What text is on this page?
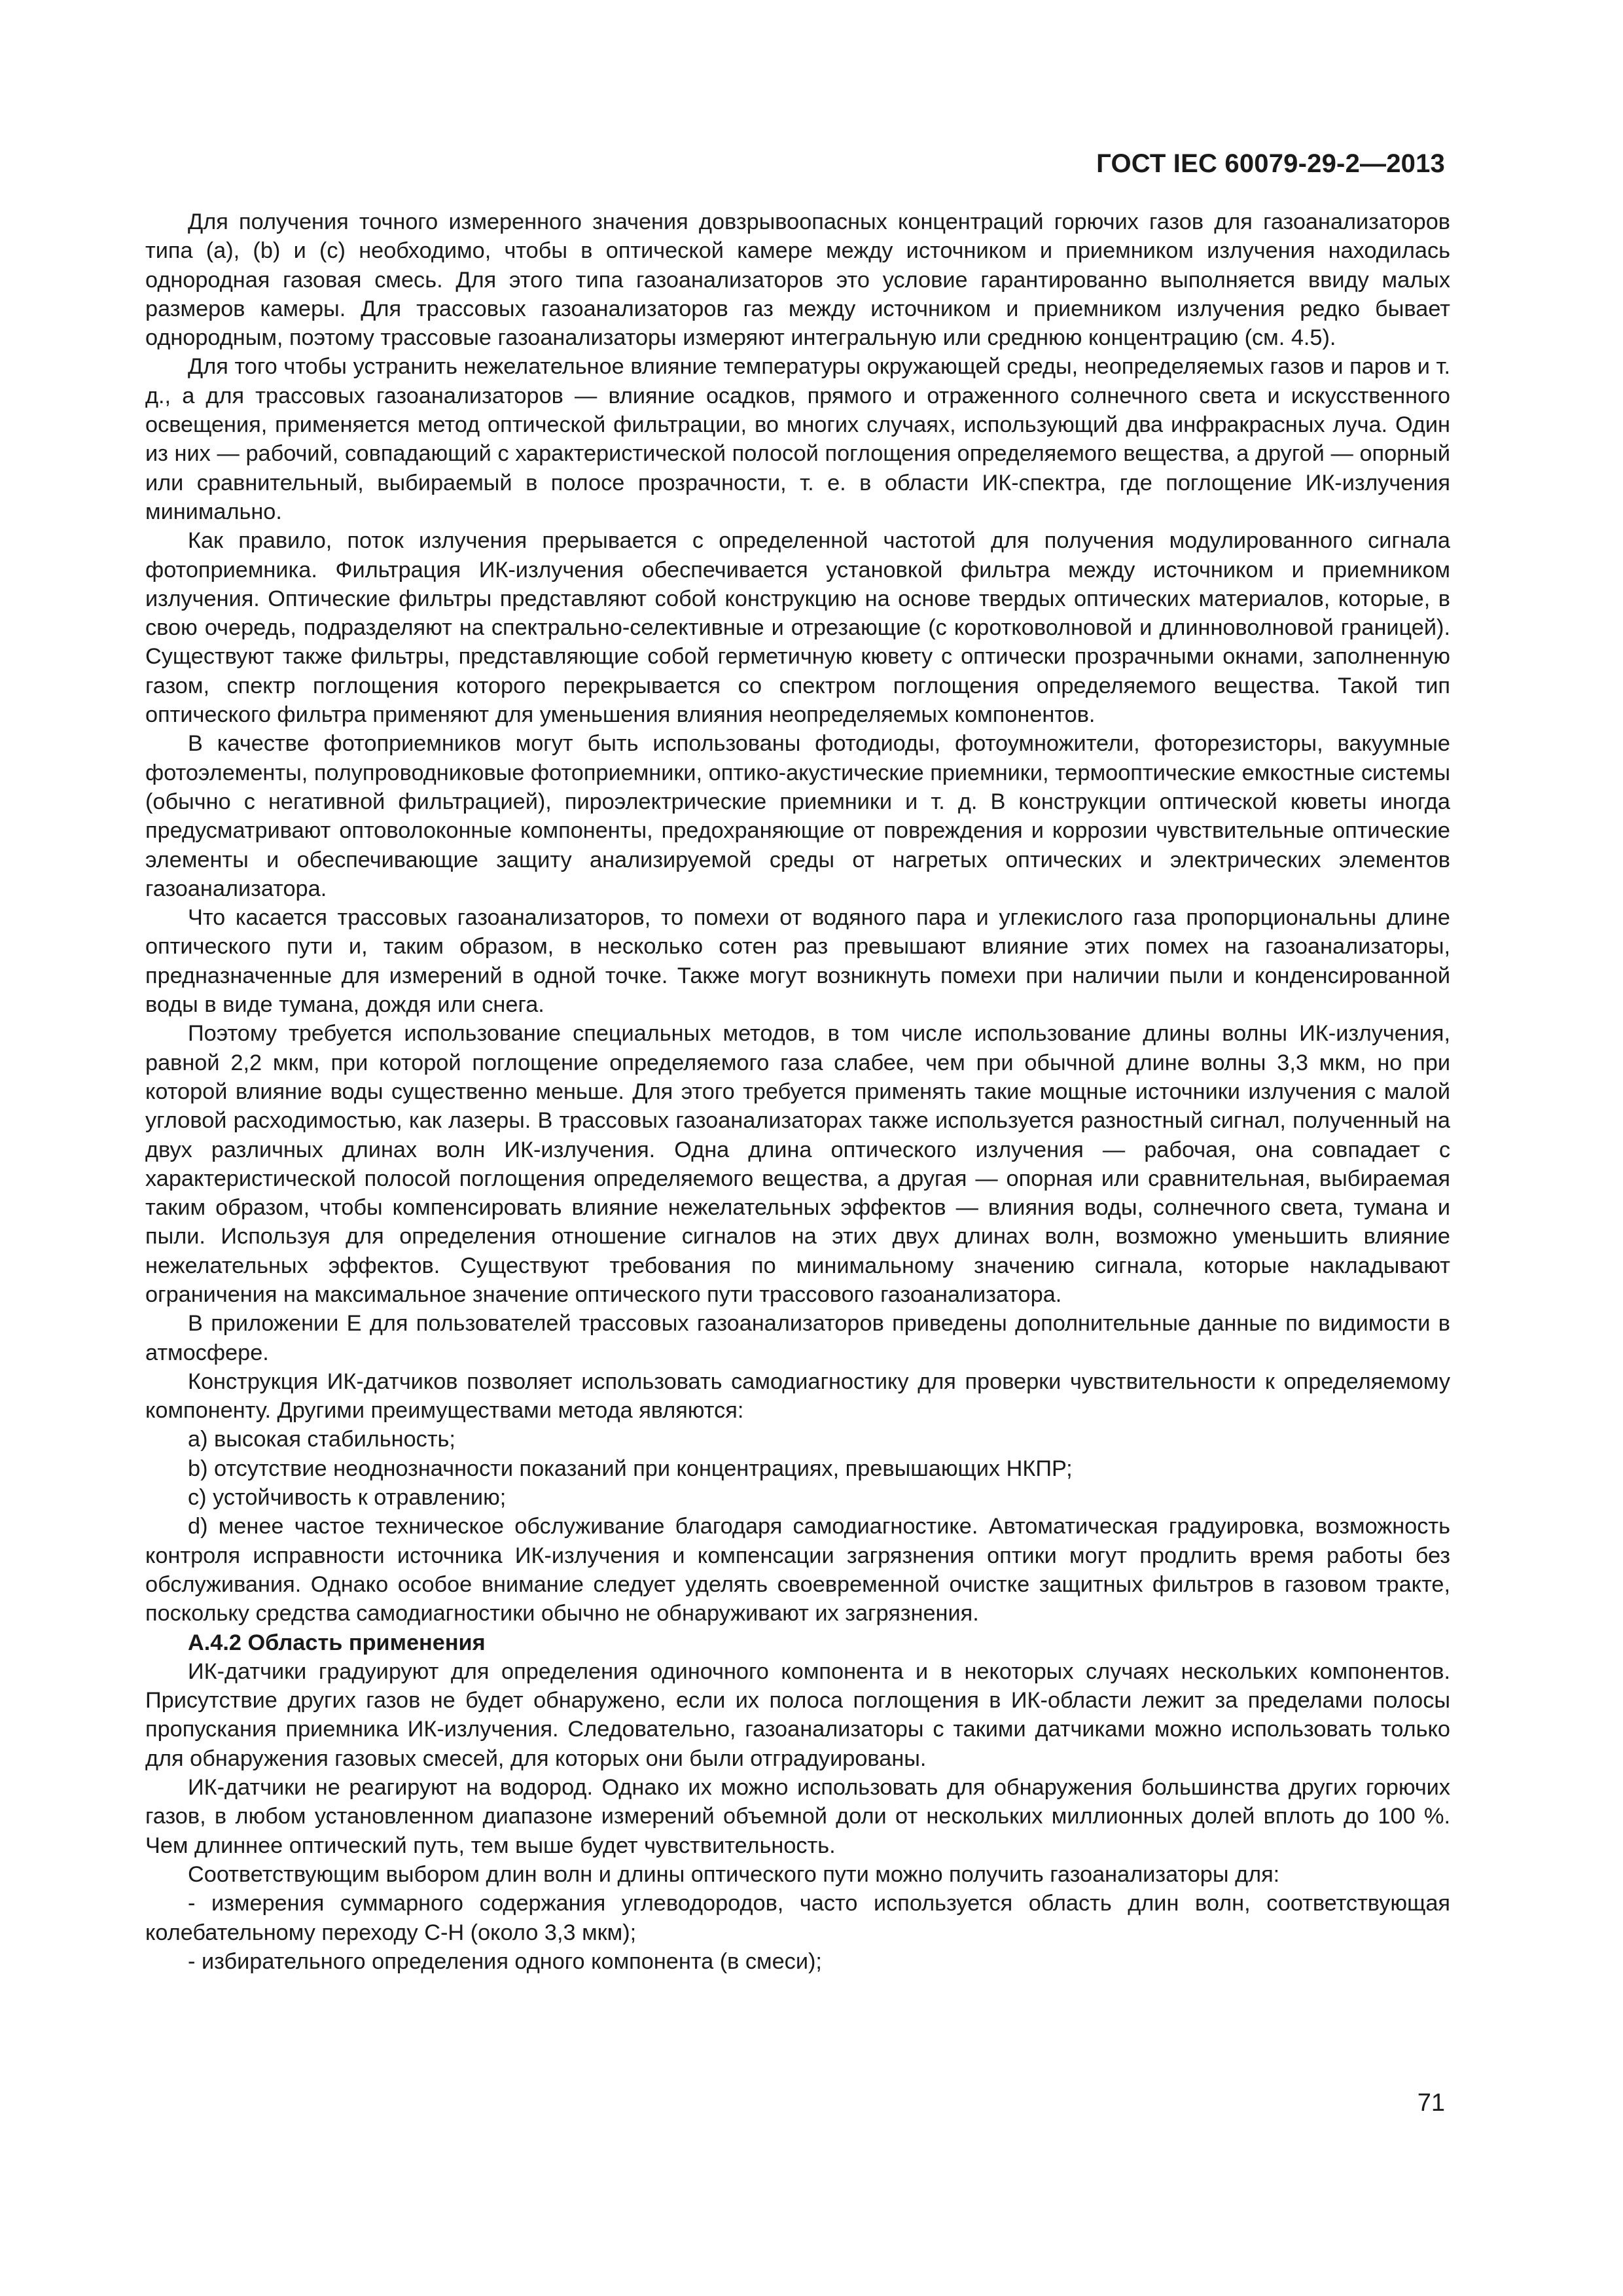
ГОСТ IEC 60079-29-2—2013

Для получения точного измеренного значения довзрывоопасных концентраций горючих газов для газоанализаторов типа (а), (b) и (с) необходимо, чтобы в оптической камере между источником и приемником излучения находилась однородная газовая смесь. Для этого типа газоанализаторов это условие гарантированно выполняется ввиду малых размеров камеры. Для трассовых газоанализаторов газ между источником и приемником излучения редко бывает однородным, поэтому трассовые газоанализаторы измеряют интегральную или среднюю концентрацию (см. 4.5).

Для того чтобы устранить нежелательное влияние температуры окружающей среды, неопределяемых газов и паров и т. д., а для трассовых газоанализаторов — влияние осадков, прямого и отраженного солнечного света и искусственного освещения, применяется метод оптической фильтрации, во многих случаях, использующий два инфракрасных луча. Один из них — рабочий, совпадающий с характеристической полосой поглощения определяемого вещества, а другой — опорный или сравнительный, выбираемый в полосе прозрачности, т. е. в области ИК-спектра, где поглощение ИК-излучения минимально.

Как правило, поток излучения прерывается с определенной частотой для получения модулированного сигнала фотоприемника. Фильтрация ИК-излучения обеспечивается установкой фильтра между источником и приемником излучения. Оптические фильтры представляют собой конструкцию на основе твердых оптических материалов, которые, в свою очередь, подразделяют на спектрально-селективные и отрезающие (с коротковолновой и длинноволновой границей). Существуют также фильтры, представляющие собой герметичную кювету с оптически прозрачными окнами, заполненную газом, спектр поглощения которого перекрывается со спектром поглощения определяемого вещества. Такой тип оптического фильтра применяют для уменьшения влияния неопределяемых компонентов.

В качестве фотоприемников могут быть использованы фотодиоды, фотоумножители, фоторезисторы, вакуумные фотоэлементы, полупроводниковые фотоприемники, оптико-акустические приемники, термооптические емкостные системы (обычно с негативной фильтрацией), пироэлектрические приемники и т. д. В конструкции оптической кюветы иногда предусматривают оптоволоконные компоненты, предохраняющие от повреждения и коррозии чувствительные оптические элементы и обеспечивающие защиту анализируемой среды от нагретых оптических и электрических элементов газоанализатора.

Что касается трассовых газоанализаторов, то помехи от водяного пара и углекислого газа пропорциональны длине оптического пути и, таким образом, в несколько сотен раз превышают влияние этих помех на газоанализаторы, предназначенные для измерений в одной точке. Также могут возникнуть помехи при наличии пыли и конденсированной воды в виде тумана, дождя или снега.

Поэтому требуется использование специальных методов, в том числе использование длины волны ИК-излучения, равной 2,2 мкм, при которой поглощение определяемого газа слабее, чем при обычной длине волны 3,3 мкм, но при которой влияние воды существенно меньше. Для этого требуется применять такие мощные источники излучения с малой угловой расходимостью, как лазеры. В трассовых газоанализаторах также используется разностный сигнал, полученный на двух различных длинах волн ИК-излучения. Одна длина оптического излучения — рабочая, она совпадает с характеристической полосой поглощения определяемого вещества, а другая — опорная или сравнительная, выбираемая таким образом, чтобы компенсировать влияние нежелательных эффектов — влияния воды, солнечного света, тумана и пыли. Используя для определения отношение сигналов на этих двух длинах волн, возможно уменьшить влияние нежелательных эффектов. Существуют требования по минимальному значению сигнала, которые накладывают ограничения на максимальное значение оптического пути трассового газоанализатора.

В приложении Е для пользователей трассовых газоанализаторов приведены дополнительные данные по видимости в атмосфере.

Конструкция ИК-датчиков позволяет использовать самодиагностику для проверки чувствительности к определяемому компоненту. Другими преимуществами метода являются:

a) высокая стабильность;

b) отсутствие неоднозначности показаний при концентрациях, превышающих НКПР;

c) устойчивость к отравлению;

d) менее частое техническое обслуживание благодаря самодиагностике. Автоматическая градуировка, возможность контроля исправности источника ИК-излучения и компенсации загрязнения оптики могут продлить время работы без обслуживания. Однако особое внимание следует уделять своевременной очистке защитных фильтров в газовом тракте, поскольку средства самодиагностики обычно не обнаруживают их загрязнения.

А.4.2 Область применения

ИК-датчики градуируют для определения одиночного компонента и в некоторых случаях нескольких компонентов. Присутствие других газов не будет обнаружено, если их полоса поглощения в ИК-области лежит за пределами полосы пропускания приемника ИК-излучения. Следовательно, газоанализаторы с такими датчиками можно использовать только для обнаружения газовых смесей, для которых они были отградуированы.

ИК-датчики не реагируют на водород. Однако их можно использовать для обнаружения большинства других горючих газов, в любом установленном диапазоне измерений объемной доли от нескольких миллионных долей вплоть до 100 %. Чем длиннее оптический путь, тем выше будет чувствительность.

Соответствующим выбором длин волн и длины оптического пути можно получить газоанализаторы для:

- измерения суммарного содержания углеводородов, часто используется область длин волн, соответствующая колебательному переходу С-Н (около 3,3 мкм);

- избирательного определения одного компонента (в смеси);

71
